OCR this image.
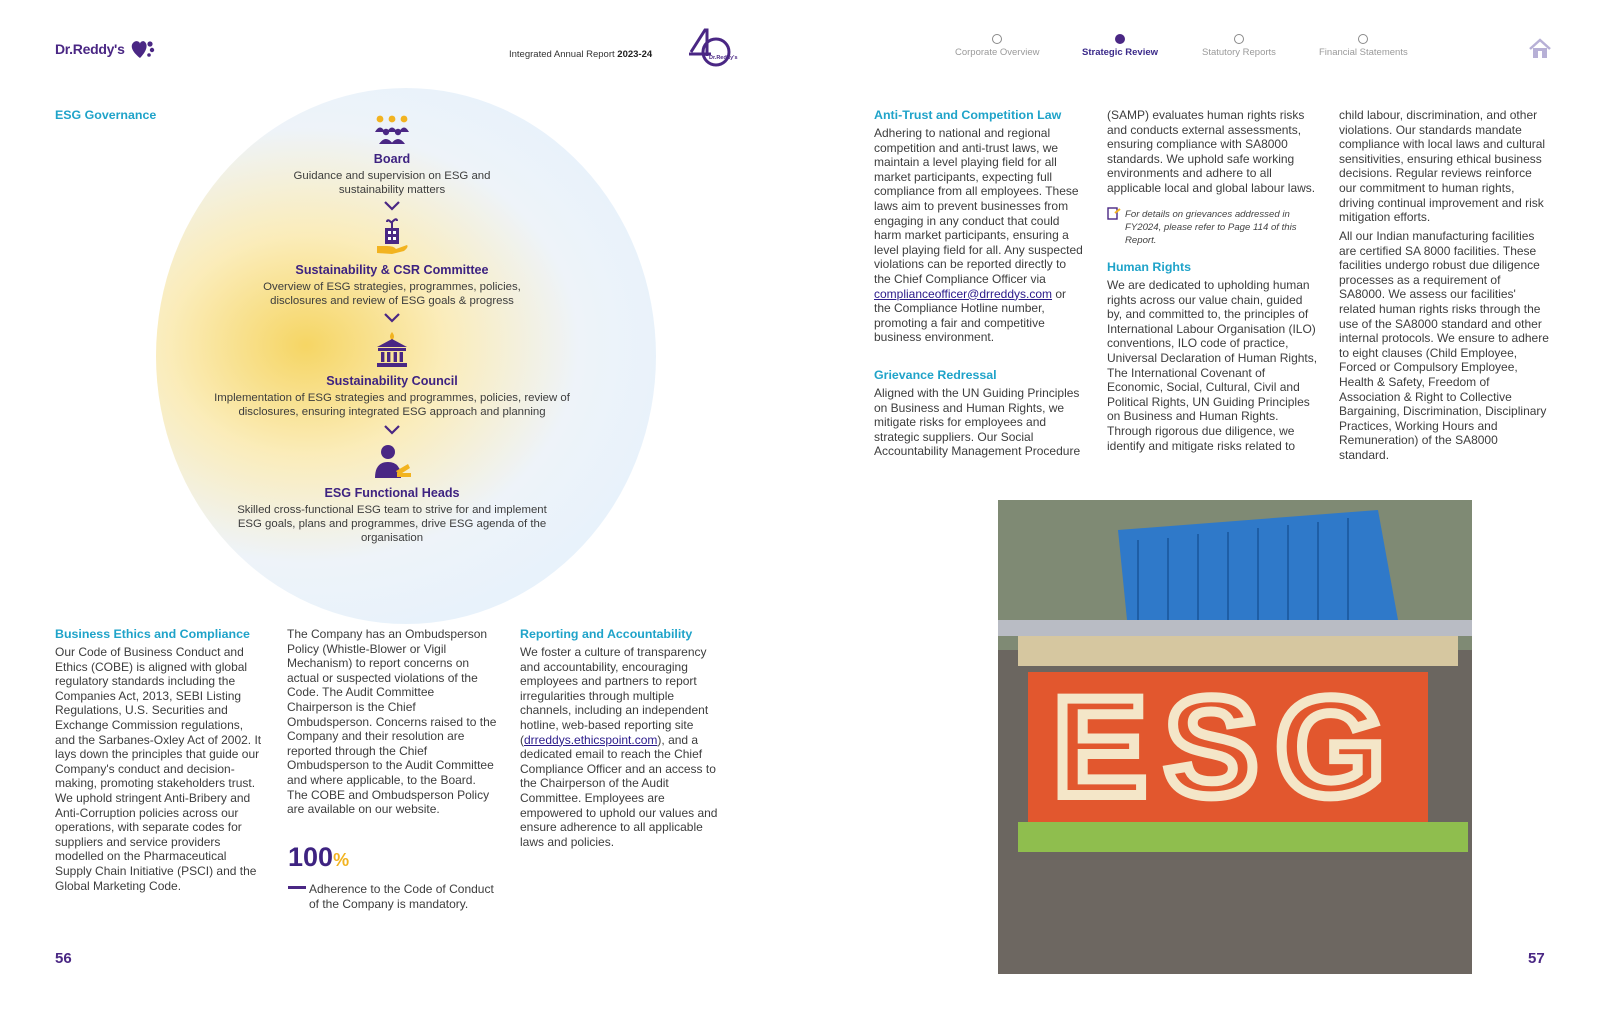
Dr.Reddy's	Integrated Annual Report 2023-24	Dr.Reddy's	Corporate Overview	Strategic Review	Statutory Reports	Financial Statements
ESG Governance
Board
Guidance and supervision on ESG and sustainability matters
Sustainability & CSR Committee
Overview of ESG strategies, programmes, policies, disclosures and review of ESG goals & progress
Sustainability Council
Implementation of ESG strategies and programmes, policies, review of disclosures, ensuring integrated ESG approach and planning
ESG Functional Heads
Skilled cross-functional ESG team to strive for and implement ESG goals, plans and programmes, drive ESG agenda of the organisation
Business Ethics and Compliance
Our Code of Business Conduct and Ethics (COBE) is aligned with global regulatory standards including the Companies Act, 2013, SEBI Listing Regulations, U.S. Securities and Exchange Commission regulations, and the Sarbanes-Oxley Act of 2002. It lays down the principles that guide our Company's conduct and decision-making, promoting stakeholders trust. We uphold stringent Anti-Bribery and Anti-Corruption policies across our operations, with separate codes for suppliers and service providers modelled on the Pharmaceutical Supply Chain Initiative (PSCI) and the Global Marketing Code.
The Company has an Ombudsperson Policy (Whistle-Blower or Vigil Mechanism) to report concerns on actual or suspected violations of the Code. The Audit Committee Chairperson is the Chief Ombudsperson. Concerns raised to the Company and their resolution are reported through the Chief Ombudsperson to the Audit Committee and where applicable, to the Board. The COBE and Ombudsperson Policy are available on our website.
100%
Adherence to the Code of Conduct of the Company is mandatory.
Reporting and Accountability
We foster a culture of transparency and accountability, encouraging employees and partners to report irregularities through multiple channels, including an independent hotline, web-based reporting site (drreddys.ethicspoint.com), and a dedicated email to reach the Chief Compliance Officer and an access to the Chairperson of the Audit Committee. Employees are empowered to uphold our values and ensure adherence to all applicable laws and policies.
56
Anti-Trust and Competition Law
Adhering to national and regional competition and anti-trust laws, we maintain a level playing field for all market participants, expecting full compliance from all employees. These laws aim to prevent businesses from engaging in any conduct that could harm market participants, ensuring a level playing field for all. Any suspected violations can be reported directly to the Chief Compliance Officer via complianceofficer@drreddys.com or the Compliance Hotline number, promoting a fair and competitive business environment.
Grievance Redressal
Aligned with the UN Guiding Principles on Business and Human Rights, we mitigate risks for employees and strategic suppliers. Our Social Accountability Management Procedure
(SAMP) evaluates human rights risks and conducts external assessments, ensuring compliance with SA8000 standards. We uphold safe working environments and adhere to all applicable local and global labour laws.
For details on grievances addressed in FY2024, please refer to Page 114 of this Report.
Human Rights
We are dedicated to upholding human rights across our value chain, guided by, and committed to, the principles of International Labour Organisation (ILO) conventions, ILO code of practice, Universal Declaration of Human Rights, The International Covenant of Economic, Social, Cultural, Civil and Political Rights, UN Guiding Principles on Business and Human Rights. Through rigorous due diligence, we identify and mitigate risks related to
child labour, discrimination, and other violations. Our standards mandate compliance with local laws and cultural sensitivities, ensuring ethical business decisions. Regular reviews reinforce our commitment to human rights, driving continual improvement and risk mitigation efforts.
All our Indian manufacturing facilities are certified SA 8000 facilities. These facilities undergo robust due diligence processes as a requirement of SA8000. We assess our facilities' related human rights risks through the use of the SA8000 standard and other internal protocols. We ensure to adhere to eight clauses (Child Employee, Forced or Compulsory Employee, Health & Safety, Freedom of Association & Right to Collective Bargaining, Discrimination, Disciplinary Practices, Working Hours and Remuneration) of the SA8000 standard.
ESG
57
